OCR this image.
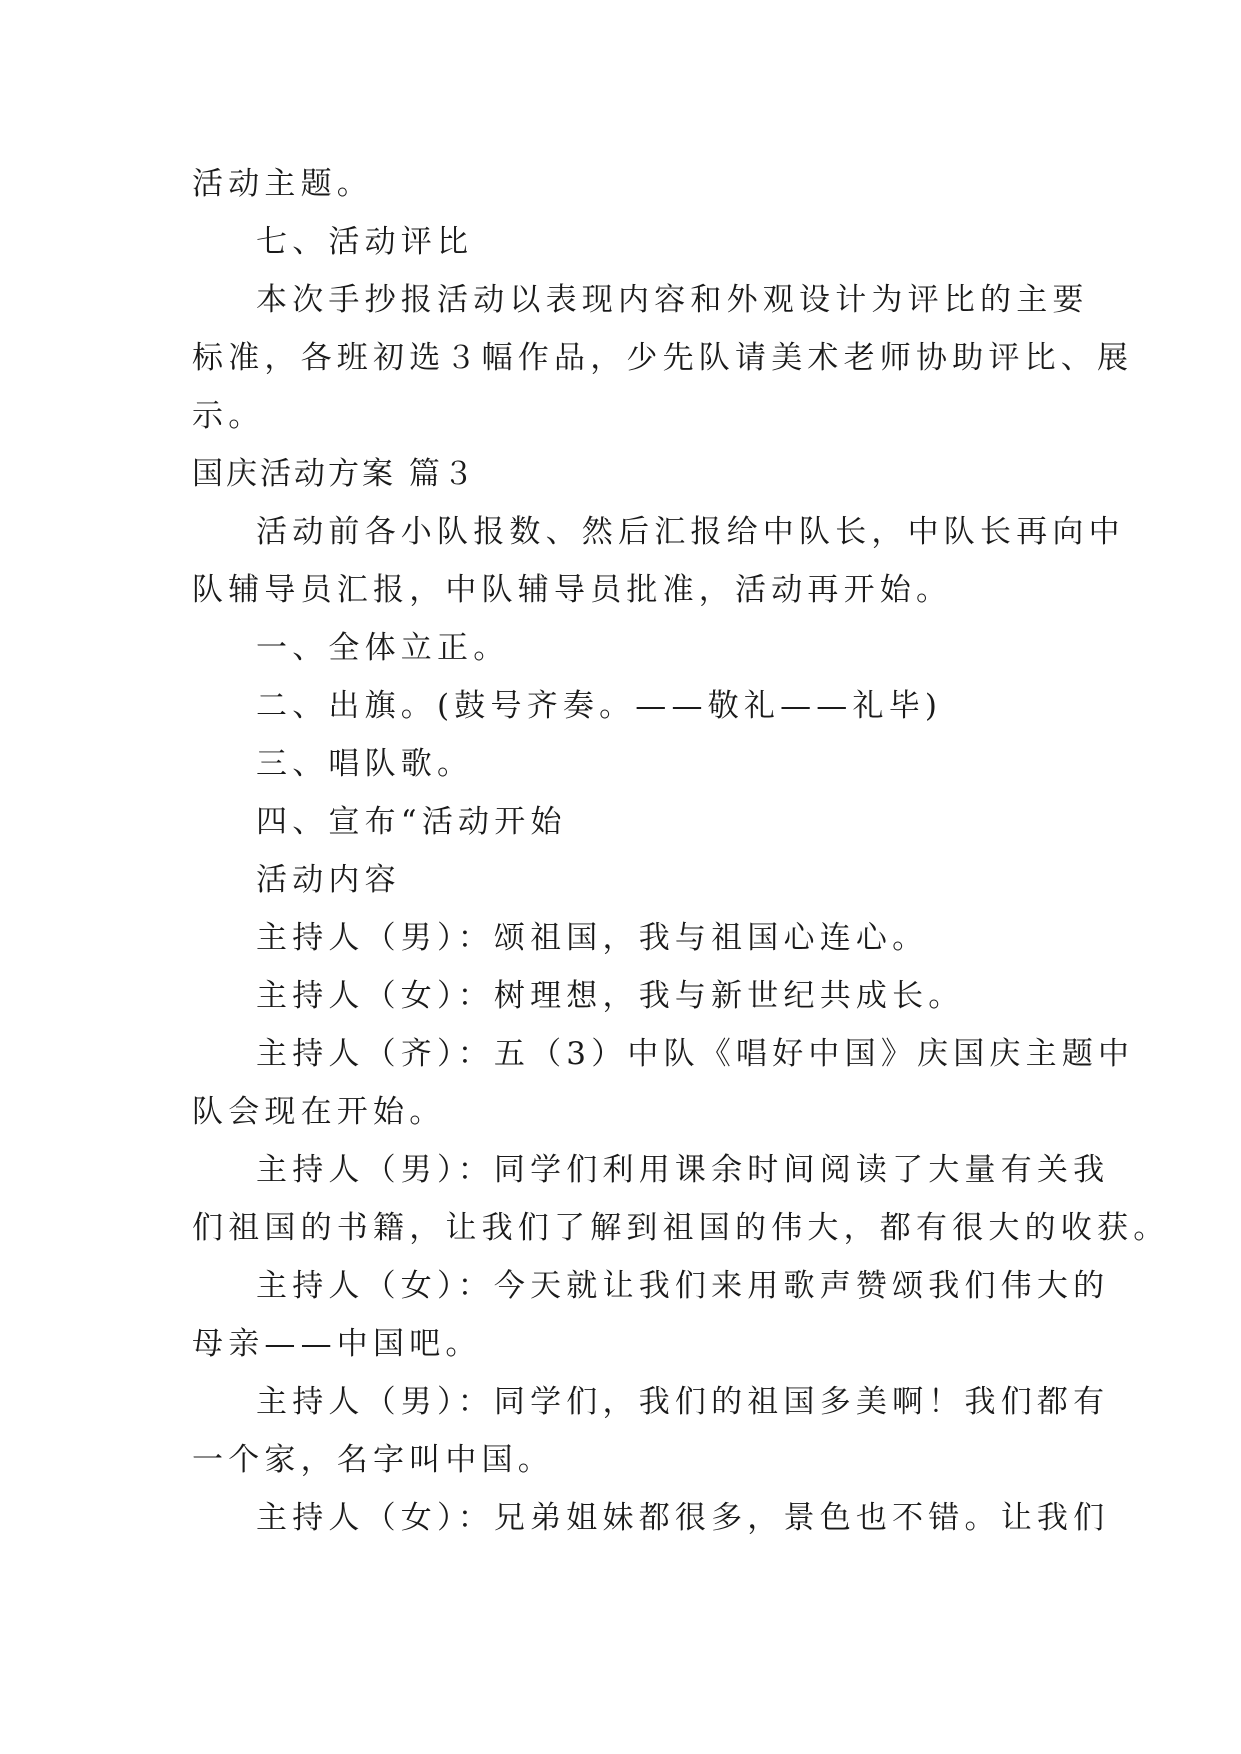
活动主题。

七、活动评比

本次手抄报活动以表现内容和外观设计为评比的主要

标准，各班初选３幅作品，少先队请美术老师协助评比、展

示。

国庆活动方案 篇３

活动前各小队报数、然后汇报给中队长，中队长再向中

队辅导员汇报，中队辅导员批准，活动再开始。

一、全体立正。

二、出旗。(鼓号齐奏。——敬礼——礼毕)

三、唱队歌。

四、宣布“活动开始

活动内容

主持人（男）：颂祖国，我与祖国心连心。

主持人（女）：树理想，我与新世纪共成长。

主持人（齐）：五（3）中队《唱好中国》庆国庆主题中

队会现在开始。

主持人（男）：同学们利用课余时间阅读了大量有关我

们祖国的书籍，让我们了解到祖国的伟大，都有很大的收获。

主持人（女）：今天就让我们来用歌声赞颂我们伟大的

母亲——中国吧。

主持人（男）：同学们，我们的祖国多美啊！我们都有

一个家，名字叫中国。

主持人（女）：兄弟姐妹都很多，景色也不错。让我们
